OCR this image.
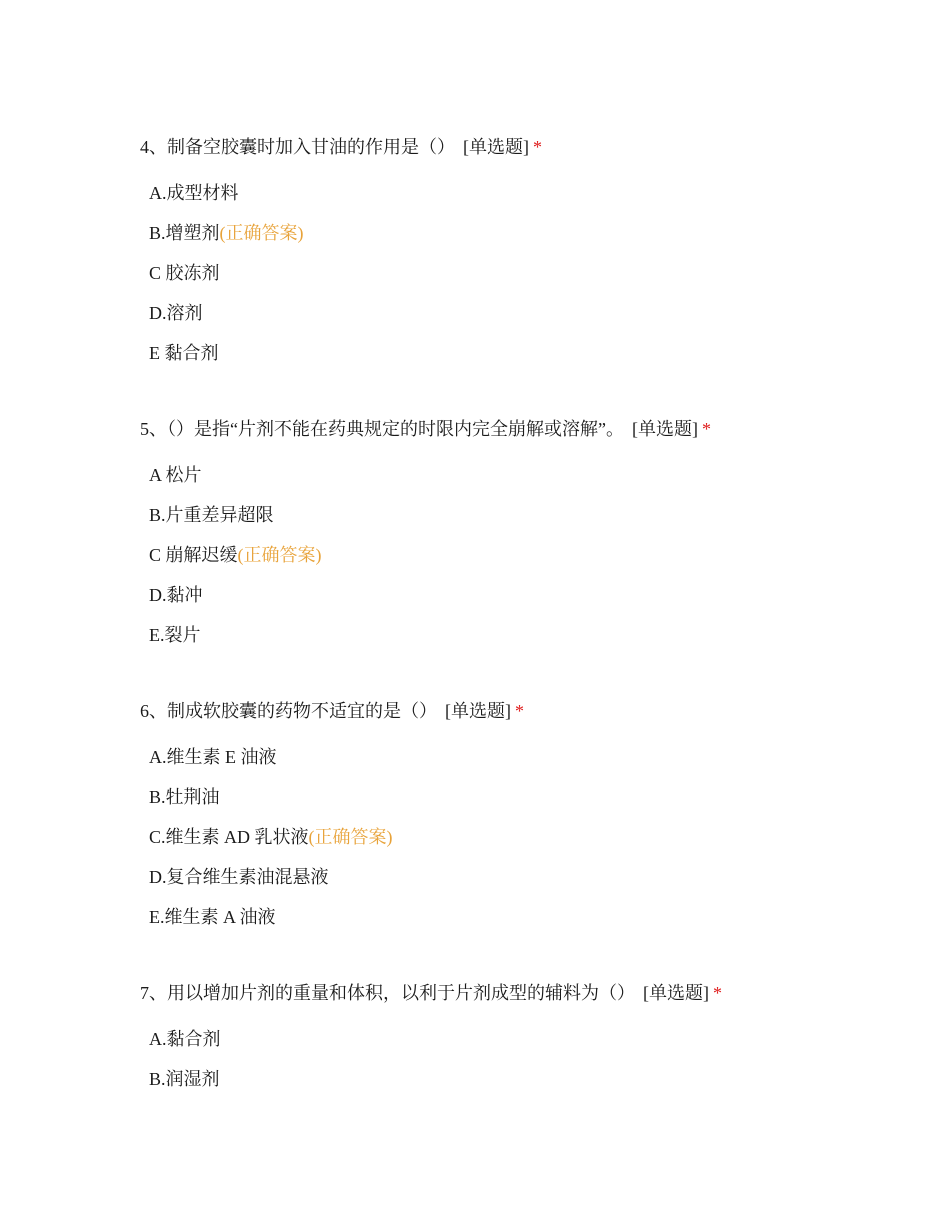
4、制备空胶囊时加入甘油的作用是（） [单选题] *
A.成型材料
B.增塑剂(正确答案)
C 胶冻剂
D.溶剂
E 黏合剂
5、（）是指“片剂不能在药典规定的时限内完全崩解或溶解”。 [单选题] *
A 松片
B.片重差异超限
C 崩解迟缓(正确答案)
D.黏冲
E.裂片
6、制成软胶囊的药物不适宜的是（） [单选题] *
A.维生素 E 油液
B.牡荆油
C.维生素 AD 乳状液(正确答案)
D.复合维生素油混悬液
E.维生素 A 油液
7、用以增加片剂的重量和体积，以利于片剂成型的辅料为（） [单选题] *
A.黏合剂
B.润湿剂
